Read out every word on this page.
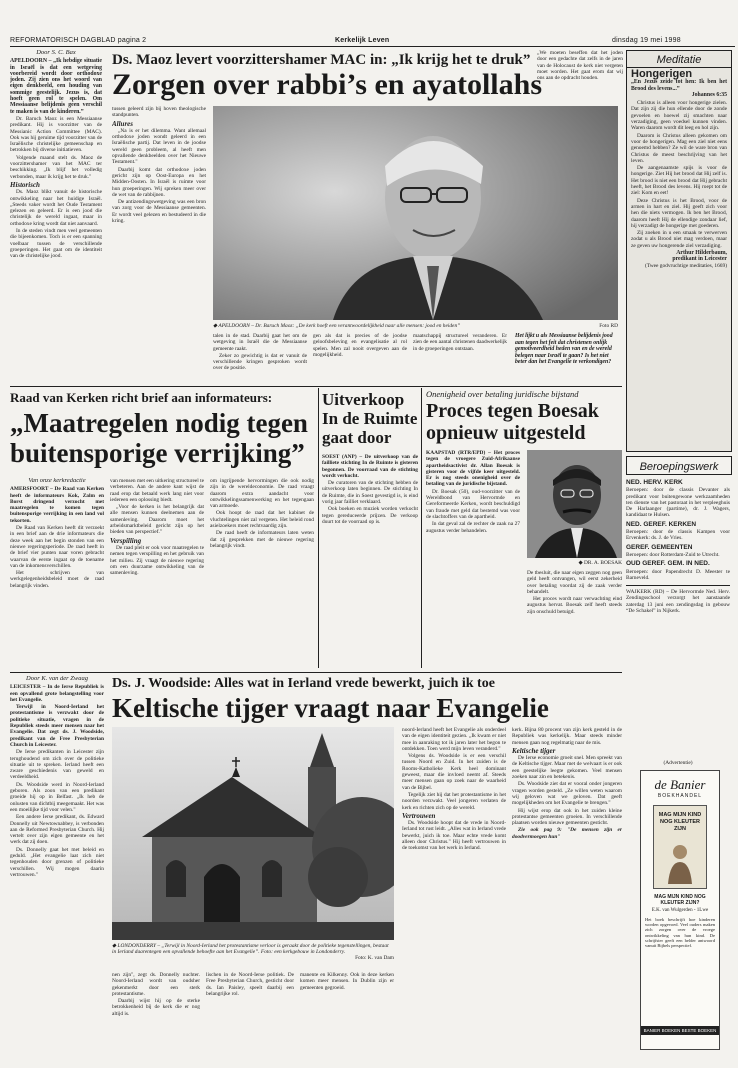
REFORMATORISCH DAGBLAD pagina 2	Kerkelijk Leven	dinsdag 19 mei 1998
Door S. C. Bax

APELDOORN – „Ik hebdige situatie in Israël is dat een wetgeving voorbereid wordt door orthodoxe joden. Zij zien ons het woord van eigen denkbeeld, een houding van sommige geestelijk. Jezus is, dat hoeft geen rol te spelen. Om Messiaanse belijdenis geen verschil te maken is van de kinderen.”

Dr. Baruch Maoz is een Messiaanse predikant. Hij is voorzitter van de Messianic Action Committee (MAC). Ook was hij geruime tijd voorzitter van de Israëlische christelijke gemeenschap en betrokken bij diverse initiatieven.

Volgende maand stelt ds. Maoz de voorzittershamer van het MAC ter beschikking. „Ik blijf het volledig verbonden, maar ik krijg het te druk."

Historisch

Ds. Maoz blikt vanuit de historische ontwikkeling naar het huidige Israël. „Steeds vaker wordt het Oude Testament gelezen en geleerd. Er is een jood die christelijk de wereld ingaat, maar in orthodoxe kring wordt dat niet aanvaard.

In de steden vindt men veel gemeenten die bijeenkomen. Toch is er een spanning voelbaar tussen de verschillende groeperingen. Het gaat om de identiteit van de christelijke jood.

Ds. Maoz levert voorzittershamer MAC in: „Ik krijg het te druk”
Zorgen over rabbi’s en ayatollahs

tussen geleerd zijn bij hoven theologische standpunten.

Allures

„Na is er het dilemma. Want allemaal orthodoxe joden wondt geleerd in een Israëlische partij. Dat leven in de joodse wereld geen probleem, al heeft men opvallende denkbeelden over het Nieuwe Testament."

Daarbij komt dat orthodoxe joden gericht zijn op Oost-Europa en het Midden-Oosten. In Israël is ruimte voor hun groeperingen. Wij spreken meer over de wet van de rabbijnen.

De antizendingswetgeving was een bron van zorg voor de Messiaanse gemeenten. Er wordt veel gelezen en bestudeerd in die kring.

◆ APELDOORN – Dr. Baruch Maoz: „De kerk hoeft een verantwoordelijkheid naar alle mensen: jood en heiden”	Foto RD

talen in de stad. Daarbij gaat het om de wetgeving in Israël die de Messiaanse gemeente raakt.

Zeker zo gewichtig is dat er vanuit de verschillende kringen gesproken wordt over de positie.

gen als dat is precies of de joodse geloofsbeleving en evangelisatie al rol spelen. Men zal nooit overgeven aan de mogelijkheid.

maatschappij structureel veranderen. Er zien de een aantal christenen daadwerkelijk in de groeperingen ontstaan.

Het lijkt u als Messiaanse belijdenis jood aan tegen het feit dat christenen onlijk gemotiveerdheid heden van en de wereld belegen naar Israël te gaan? Is het niet beter dan het Evangelie te verkondigen?

„We moeten beseffen dat het joden door een gedachte dat zelfs in de jaren van de Holocaust de kerk niet vergeten moet worden. Het gaat erom dat wij ons aan de opdracht houden.

Meditatie
Hongerigen
„En Jezus zeide tot hen: Ik ben het Brood des levens...”
Johannes 6:35

Christus is alleen voor hongerige zielen. Dat zijn zij die hun ellende door de zonde gevoelen en hoewel zij smachten naar verzadiging, geen voedsel kunnen vinden. Waren daarom wordt dit leeg en hol zijn.

Daarom is Christus alleen gekomen om voor de hongerigen. Mag een ziel niet eens genoemd hebben? Ze wil de ware bron van Christus de meest beschrijving van het leven.

De aangenaamste spijs is voor de hongerige. Ziet Hij het brood dat Hij zelf is. Het brood is niet een brood dat Hij gebracht heeft, het Brood des levens. Hij roept tot de ziel: Kom en eet!

Deze Christus is het Brood, voor de armen in hart en ziel. Hij geeft zich voor hen die niets vermogen. Ik ben het Brood, daarom heeft Hij de ellendige zondaar lief, hij verzadigt de hongerige met goederen.

Zij zoeken in u een smaak te verwerven zodat u als Brood niet mag verdoen, maar ze geven uw hongerende ziel verzadiging.

Arthur Hilderbaum,
predikant in Leicester
(Twee godvruchtige meditaties, 1669)
Raad van Kerken richt brief aan informateurs:
„Maatregelen nodig tegen buitensporige verrijking”
Van onze kerkredactie

AMERSFOORT – De Raad van Kerken heeft de informateurs Kok, Zalm en Borst dringend verzocht met maatregelen te komen tegen buitensporige verrijking in een land vol tekorten.

De Raad van Kerken heeft dit verzoekt in een brief aan de drie informateurs die deze week aan het begin stonden van een nieuwe regeringsperiode. De raad heeft in de brief vier punten naar voren gebracht waarvan de eerste ingaat op de toename van de inkomensverschillen.

Het schrijven van werkgelegenheidsbeleid moet de raad belangrijk vinden.

van mensen met een uitkering structureel te verbeteren. Aan de andere kant wijst de raad erop dat betaald werk lang niet voor iedereen een oplossing biedt.

„Voor de kerken is het belangrijk dat alle mensen kunnen deelnemen aan de samenleving. Daarom moet het arbeidsmarktbeleid gericht zijn op het bieden van perspectief."

Verspilling

De raad pleit er ook voor maatregelen te nemen tegen verspilling en het gebruik van het milieu. Zij vraagt de nieuwe regering om een duurzame ontwikkeling van de samenleving.

om ingrijpende hervormingen die ook nodig zijn in de wereldeconomie. De raad vraagt daarom extra aandacht voor ontwikkelingssamenwerking en het tegengaan van armoede.

Ook hoopt de raad dat het kabinet de vluchtelingen niet zal vergeten. Het beleid rond asielzoekers moet rechtvaardig zijn.

De raad heeft de informateurs laten weten dat zij gesprekken met de nieuwe regering belangrijk vindt.

Uitverkoop In de Ruimte gaat door

SOEST (ANP) – De uitverkoop van de failliete stichting In de Ruimte is gisteren begonnen. De voorraad van de stichting wordt verkocht.

De curatoren van de stichting hebben de uitverkoop laten beginnen. De stichting In de Ruimte, die in Soest gevestigd is, is eind vorig jaar failliet verklaard.

Ook boeken en muziek worden verkocht tegen gereduceerde prijzen. De verkoop duurt tot de voorraad op is.

Onenigheid over betaling juridische bijstand
Proces tegen Boesak opnieuw uitgesteld

KAAPSTAD (RTR/EPD) – Het proces tegen de vroegere Zuid-Afrikaanse apartheidsactivist dr. Allan Boesak is gisteren voor de vijfde keer uitgesteld. Er is nog steeds onenigheid over de betaling van de juridische bijstand.

Dr. Boesak (50), oud-voorzitter van de Wereldbond van Hervormde en Gereformeerde Kerken, wordt beschuldigd van fraude met geld dat bestemd was voor de slachtoffers van de apartheid.

In dat geval zal de rechter de zaak na 27 augustus verder behandelen.

◆ DR. A. BOESAK

De tbesluit, die naar eigen zeggen nog geen geld heeft ontvangen, wil eerst zekerheid over betaling voordat zij de zaak verder behandelt.

Het proces wordt naar verwachting eind augustus hervat. Boesak zelf heeft steeds zijn onschuld betuigd.

Beroepingswerk
NED. HERV. KERK

Beroepen: door de classis Devanter als predikant voor buitengewone werkzaamheden ten dienste van het pastoraat in het verpleeghuis De Harlaanger (partime), dr. J. Wagers, kandidaat te Hulsen.

NED. GEREF. KERKEN

Beroepen: door de classis Kampen voor Ervenkerk: ds. J. de Vries.

GEREF. GEMEENTEN

Beroepen: door Rotterdam-Zuid te Utrecht.

OUD GEREF. GEM. IN NED.

Beroepen: door Papendrecht D. Meester te Barneveld.

WAJKERK (RD) – De Hervormde Ned. Herv. Zendingsschool verzorgt het aanstaande zaterdag 13 juni een zendingsdag in gebouw “De Schakel” in Nijkerk.

(Advertentie)
de Banier
BOEKHANDEL
MAG MIJN KIND NOG KLEUTER ZIJN
MAG MIJN KIND NOG KLEUTER ZIJN?
E.K. van Wulgerden - 1Lwe

Het boek beschrijft hoe kinderen worden opgevoed. Veel ouders maken zich zorgen over de vroege ontwikkeling van hun kind. De schrijfster geeft een helder antwoord vanuit Bijbels perspectief.

BANIER BOEKEN BESTE BOEKEN
Door K. van der Zwaag

LEICESTER – In de Ierse Republiek is een opvallend grote belangstelling voor het Evangelie.

Terwijl in Noord-Ierland het protestantisme is verzwakt door de politieke situatie, vragen in de Republiek steeds meer mensen naar het Evangelie. Dat zegt ds. J. Woodside, predikant van de Free Presbyterian Church in Leicester.

De Ierse predikanten in Leicester zijn terughoudend om zich over de politieke situatie uit te spreken. Ierland heeft een zware geschiedenis van geweld en verdeeldheid.

Ds. Woodside werd in Noord-Ierland geboren. Als zoon van een predikant groeide hij op in Belfast. „Ik heb de onlusten van dichtbij meegemaakt. Het was een moeilijke tijd voor velen."

Een andere Ierse predikant, ds. Edward Donnelly uit Newtownabbey, is verbonden aan de Reformed Presbyterian Church. Hij vertelt over zijn eigen gemeente en het werk dat zij doen.

Ds. Donnelly gaat het met beleid en geduld. „Het evangelie laat zich niet tegenhouden door grenzen of politieke verschillen. Wij mogen daarin vertrouwen."

Ds. J. Woodside: Alles wat in Ierland vrede bewerkt, juich ik toe
Keltische tijger vraagt naar Evangelie
◆ LONDONDERRY – „Terwijl in Noord-Ierland het protestantisme verloor is geraakt door de politieke tegenstellingen, bestaat in Ierland daarentegen een opvallende behoefte aan het Evangelie”. Foto: een kerkgebouw in Londonderry.
Foto: K. van Dam

nen zijn", zegt ds. Donnelly nuchter. Noord-Ierland wordt van oudsher gekenmerkt door een sterk protestantisme.

Daarbij wijst hij op de sterke betrokkenheid bij de kerk die er nog altijd is.

lischen in de Noord-Ierse politiek. De Free Presbyterian Church, gesticht door ds. Ian Paisley, speelt daarbij een belangrijke rol.

manente en Kilkenny. Ook in deze kerken komen meer mensen. In Dublin zijn er gemeenten gegroeid.

noord-Ierland heeft het Evangelie als onderdeel van de eigen identiteit gezien. „Ik kwam er niet mee in aanraking tot ik jaren later het begon te ontdekken. Toen werd mijn leven veranderd."

Volgens ds. Woodside is er een verschil tussen Noord en Zuid. In het zuiden is de Rooms-Katholieke Kerk heel dominant geweest, maar die invloed neemt af. Steeds meer mensen gaan op zoek naar de waarheid van de Bijbel.

Tegelijk ziet hij dat het protestantisme in het noorden verzwakt. Veel jongeren verlaten de kerk en richten zich op de wereld.

Vertrouwen

Ds. Woodside hoopt dat de vrede in Noord-Ierland tot rust leidt. „Alles wat in Ierland vrede bewerkt, juich ik toe. Maar echte vrede komt alleen door Christus." Hij heeft vertrouwen in de toekomst van het werk in Ierland.

kerk. Bijna 80 procent van zijn kerk gesteld in de Republiek was kerkelijk. Maar steeds minder mensen gaan nog regelmatig naar de mis.

Keltische tijger

De Ierse economie groeit snel. Men spreekt van de Keltische tijger. Maar met de welvaart is er ook een geestelijke leegte gekomen. Veel mensen zoeken naar zin en betekenis.

Ds. Woodside ziet dat er vooral onder jongeren vragen worden gesteld. „Ze willen weten waarom wij geloven wat we geloven. Dat geeft mogelijkheden om het Evangelie te brengen."

Hij wijst erop dat ook in het zuiden kleine protestantse gemeenten groeien. In verschillende plaatsen worden nieuwe gemeenten gesticht.

Zie ook pag 9: "De mensen zijn er doodvermoegen hun"
